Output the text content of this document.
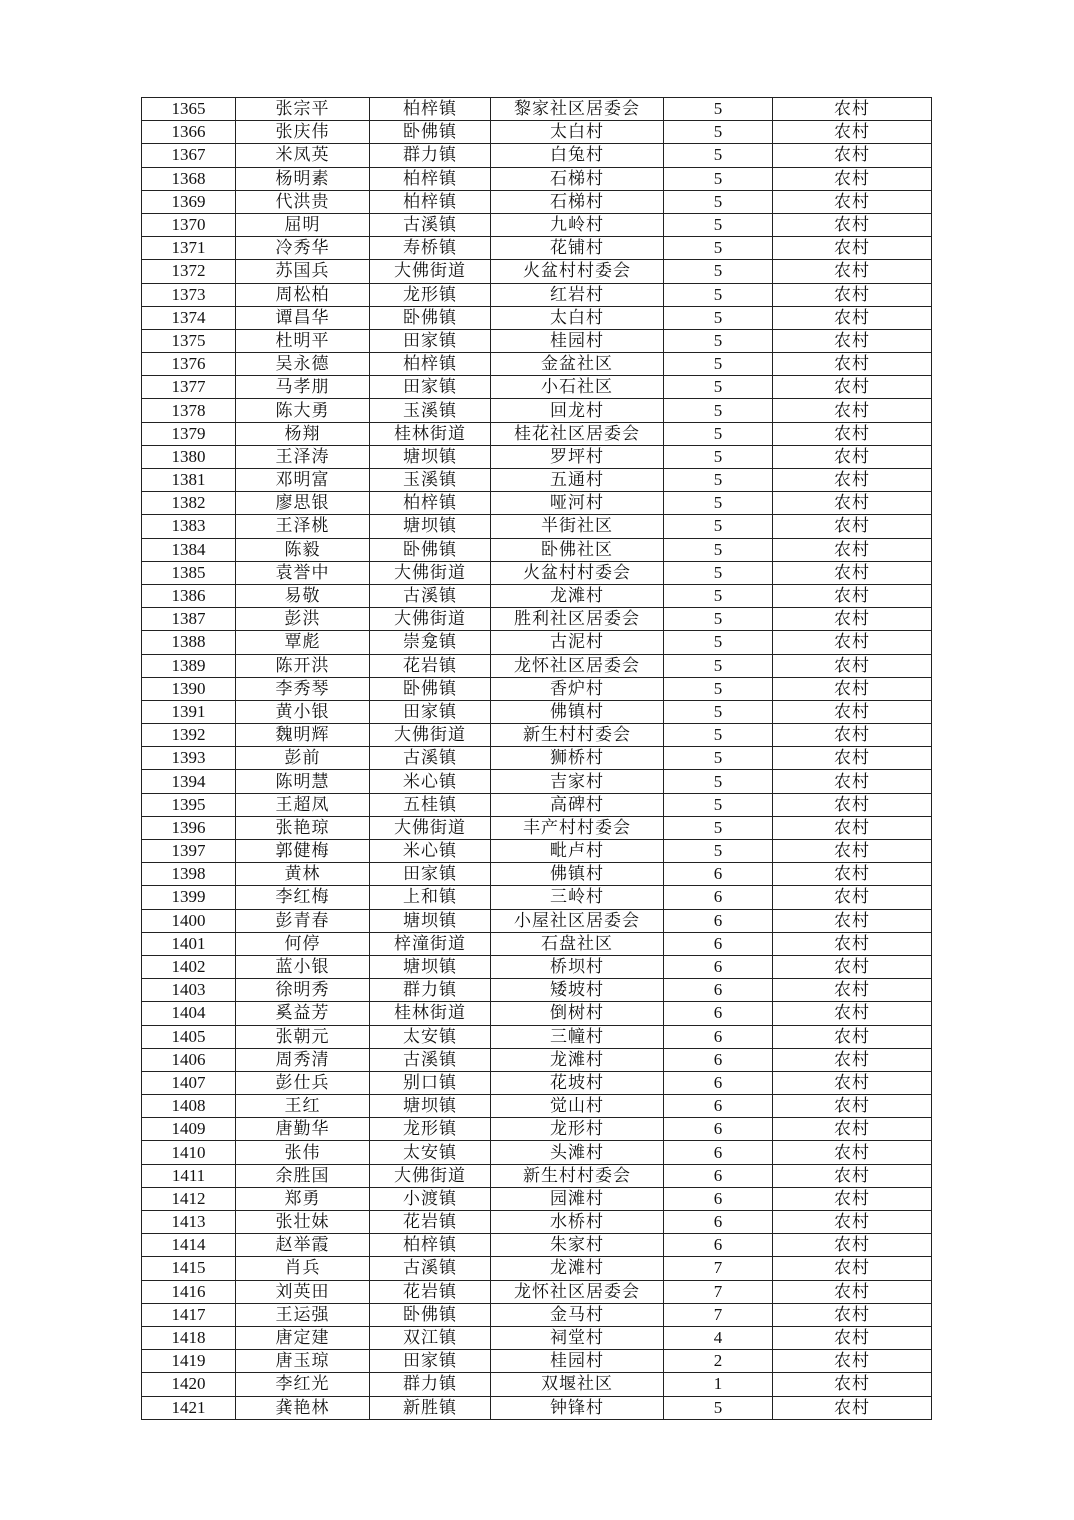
1365	张宗平	柏梓镇	黎家社区居委会	5	农村
1366	张庆伟	卧佛镇	太白村	5	农村
1367	米凤英	群力镇	白兔村	5	农村
1368	杨明素	柏梓镇	石梯村	5	农村
1369	代洪贵	柏梓镇	石梯村	5	农村
1370	屈明	古溪镇	九岭村	5	农村
1371	冷秀华	寿桥镇	花铺村	5	农村
1372	苏国兵	大佛街道	火盆村村委会	5	农村
1373	周松柏	龙形镇	红岩村	5	农村
1374	谭昌华	卧佛镇	太白村	5	农村
1375	杜明平	田家镇	桂园村	5	农村
1376	吴永德	柏梓镇	金盆社区	5	农村
1377	马孝朋	田家镇	小石社区	5	农村
1378	陈大勇	玉溪镇	回龙村	5	农村
1379	杨翔	桂林街道	桂花社区居委会	5	农村
1380	王泽涛	塘坝镇	罗坪村	5	农村
1381	邓明富	玉溪镇	五通村	5	农村
1382	廖思银	柏梓镇	哑河村	5	农村
1383	王泽桃	塘坝镇	半街社区	5	农村
1384	陈毅	卧佛镇	卧佛社区	5	农村
1385	袁誉中	大佛街道	火盆村村委会	5	农村
1386	易敬	古溪镇	龙滩村	5	农村
1387	彭洪	大佛街道	胜利社区居委会	5	农村
1388	覃彪	崇龛镇	古泥村	5	农村
1389	陈开洪	花岩镇	龙怀社区居委会	5	农村
1390	李秀琴	卧佛镇	香炉村	5	农村
1391	黄小银	田家镇	佛镇村	5	农村
1392	魏明辉	大佛街道	新生村村委会	5	农村
1393	彭前	古溪镇	狮桥村	5	农村
1394	陈明慧	米心镇	吉家村	5	农村
1395	王超凤	五桂镇	高碑村	5	农村
1396	张艳琼	大佛街道	丰产村村委会	5	农村
1397	郭健梅	米心镇	毗卢村	5	农村
1398	黄林	田家镇	佛镇村	6	农村
1399	李红梅	上和镇	三岭村	6	农村
1400	彭青春	塘坝镇	小屋社区居委会	6	农村
1401	何停	梓潼街道	石盘社区	6	农村
1402	蓝小银	塘坝镇	桥坝村	6	农村
1403	徐明秀	群力镇	矮坡村	6	农村
1404	奚益芳	桂林街道	倒树村	6	农村
1405	张朝元	太安镇	三幢村	6	农村
1406	周秀清	古溪镇	龙滩村	6	农村
1407	彭仕兵	别口镇	花坡村	6	农村
1408	王红	塘坝镇	觉山村	6	农村
1409	唐勤华	龙形镇	龙形村	6	农村
1410	张伟	太安镇	头滩村	6	农村
1411	余胜国	大佛街道	新生村村委会	6	农村
1412	郑勇	小渡镇	园滩村	6	农村
1413	张壮妹	花岩镇	水桥村	6	农村
1414	赵举霞	柏梓镇	朱家村	6	农村
1415	肖兵	古溪镇	龙滩村	7	农村
1416	刘英田	花岩镇	龙怀社区居委会	7	农村
1417	王运强	卧佛镇	金马村	7	农村
1418	唐定建	双江镇	祠堂村	4	农村
1419	唐玉琼	田家镇	桂园村	2	农村
1420	李红光	群力镇	双堰社区	1	农村
1421	龚艳林	新胜镇	钟锋村	5	农村
